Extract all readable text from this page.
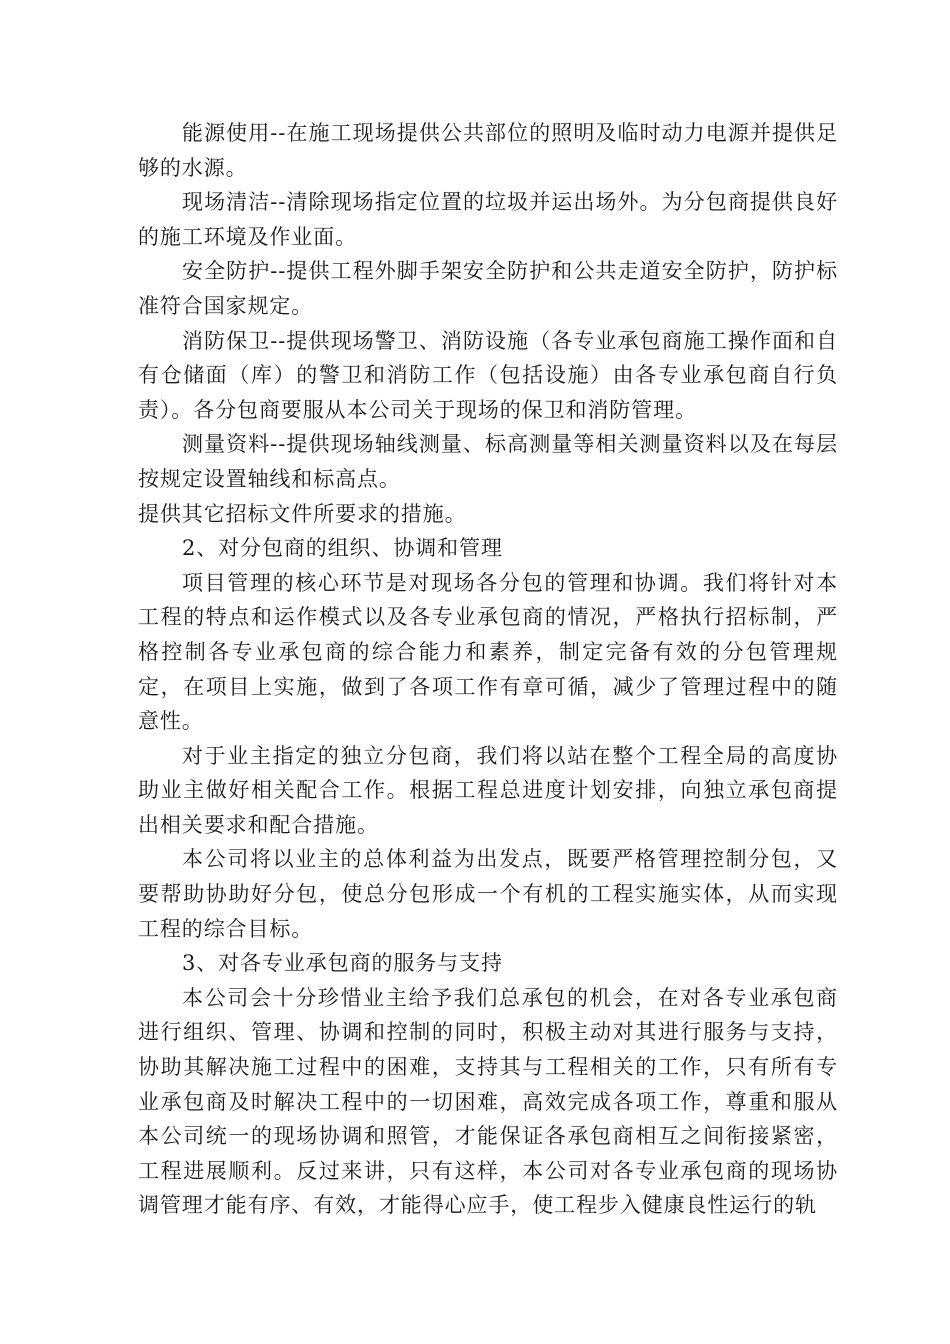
能源使用--在施工现场提供公共部位的照明及临时动力电源并提供足够的水源。

现场清洁--清除现场指定位置的垃圾并运出场外。为分包商提供良好的施工环境及作业面。

安全防护--提供工程外脚手架安全防护和公共走道安全防护，防护标准符合国家规定。

消防保卫--提供现场警卫、消防设施（各专业承包商施工操作面和自有仓储面（库）的警卫和消防工作（包括设施）由各专业承包商自行负责）。各分包商要服从本公司关于现场的保卫和消防管理。

测量资料--提供现场轴线测量、标高测量等相关测量资料以及在每层按规定设置轴线和标高点。

提供其它招标文件所要求的措施。

2、对分包商的组织、协调和管理

项目管理的核心环节是对现场各分包的管理和协调。我们将针对本工程的特点和运作模式以及各专业承包商的情况，严格执行招标制，严格控制各专业承包商的综合能力和素养，制定完备有效的分包管理规定，在项目上实施，做到了各项工作有章可循，减少了管理过程中的随意性。

对于业主指定的独立分包商，我们将以站在整个工程全局的高度协助业主做好相关配合工作。根据工程总进度计划安排，向独立承包商提出相关要求和配合措施。

本公司将以业主的总体利益为出发点，既要严格管理控制分包，又要帮助协助好分包，使总分包形成一个有机的工程实施实体，从而实现工程的综合目标。

3、对各专业承包商的服务与支持

本公司会十分珍惜业主给予我们总承包的机会，在对各专业承包商进行组织、管理、协调和控制的同时，积极主动对其进行服务与支持，协助其解决施工过程中的困难，支持其与工程相关的工作，只有所有专业承包商及时解决工程中的一切困难，高效完成各项工作，尊重和服从本公司统一的现场协调和照管，才能保证各承包商相互之间衔接紧密，工程进展顺利。反过来讲，只有这样，本公司对各专业承包商的现场协调管理才能有序、有效，才能得心应手，使工程步入健康良性运行的轨
